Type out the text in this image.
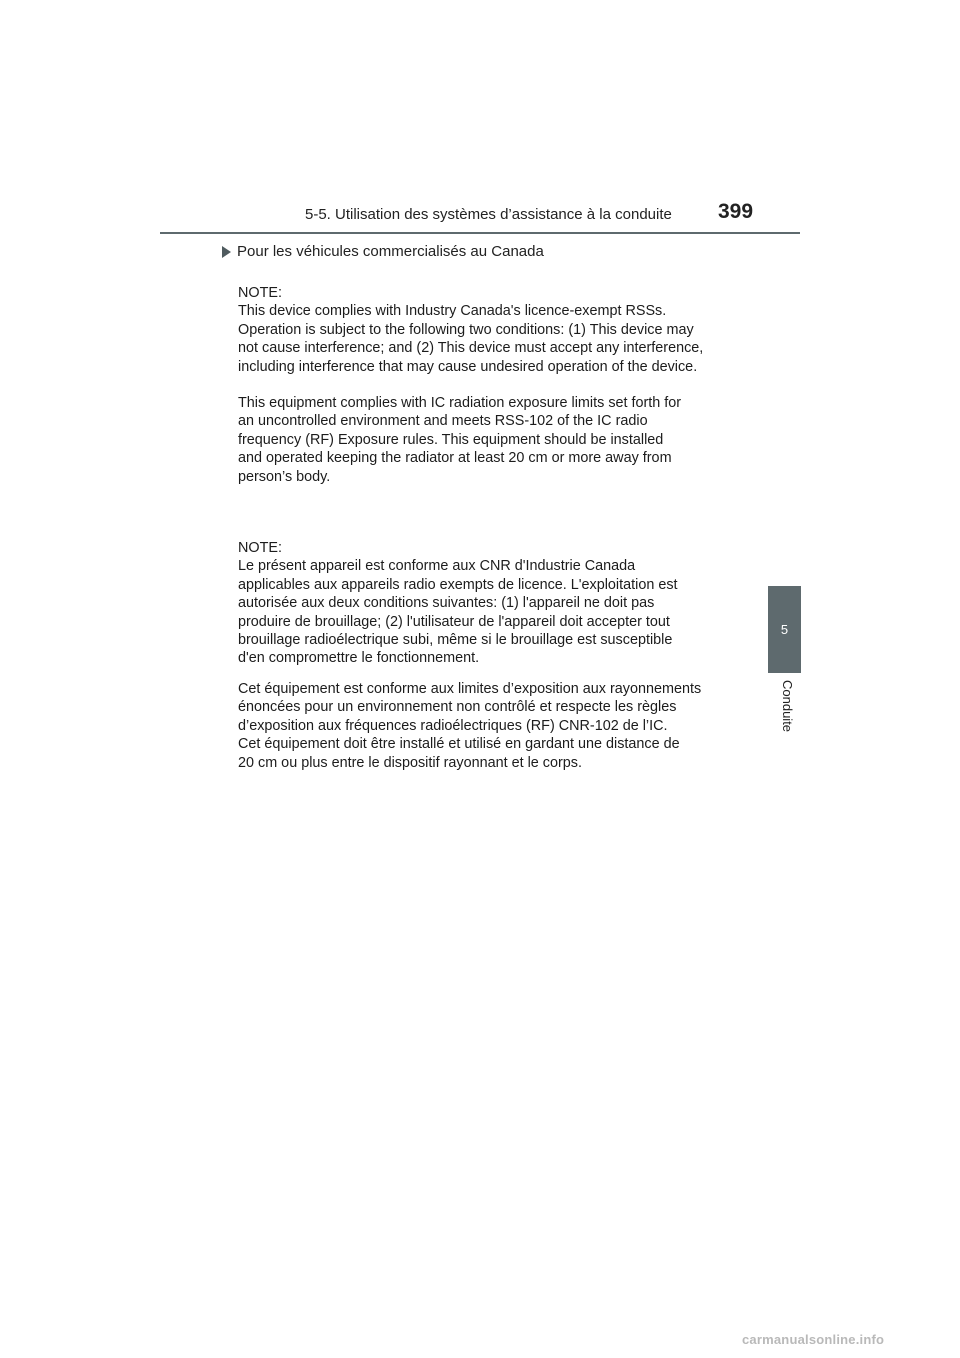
5-5. Utilisation des systèmes d’assistance à la conduite 399
Pour les véhicules commercialisés au Canada
NOTE:
This device complies with Industry Canada's licence-exempt RSSs.
Operation is subject to the following two conditions: (1) This device may
not cause interference; and (2) This device must accept any interference,
including interference that may cause undesired operation of the device.
This equipment complies with IC radiation exposure limits set forth for
an uncontrolled environment and meets RSS-102 of the IC radio
frequency (RF) Exposure rules. This equipment should be installed
and operated keeping the radiator at least 20 cm or more away from
person’s body.
NOTE:
Le présent appareil est conforme aux CNR d'Industrie Canada
applicables aux appareils radio exempts de licence. L'exploitation est
autorisée aux deux conditions suivantes: (1) l'appareil ne doit pas
produire de brouillage; (2) l'utilisateur de l'appareil doit accepter tout
brouillage radioélectrique subi, même si le brouillage est susceptible
d'en compromettre le fonctionnement.
Cet équipement est conforme aux limites d’exposition aux rayonnements
énoncées pour un environnement non contrôlé et respecte les règles
d’exposition aux fréquences radioélectriques (RF) CNR-102 de l’IC.
Cet équipement doit être installé et utilisé en gardant une distance de
20 cm ou plus entre le dispositif rayonnant et le corps.
5
Conduite
carmanualsonline.info
